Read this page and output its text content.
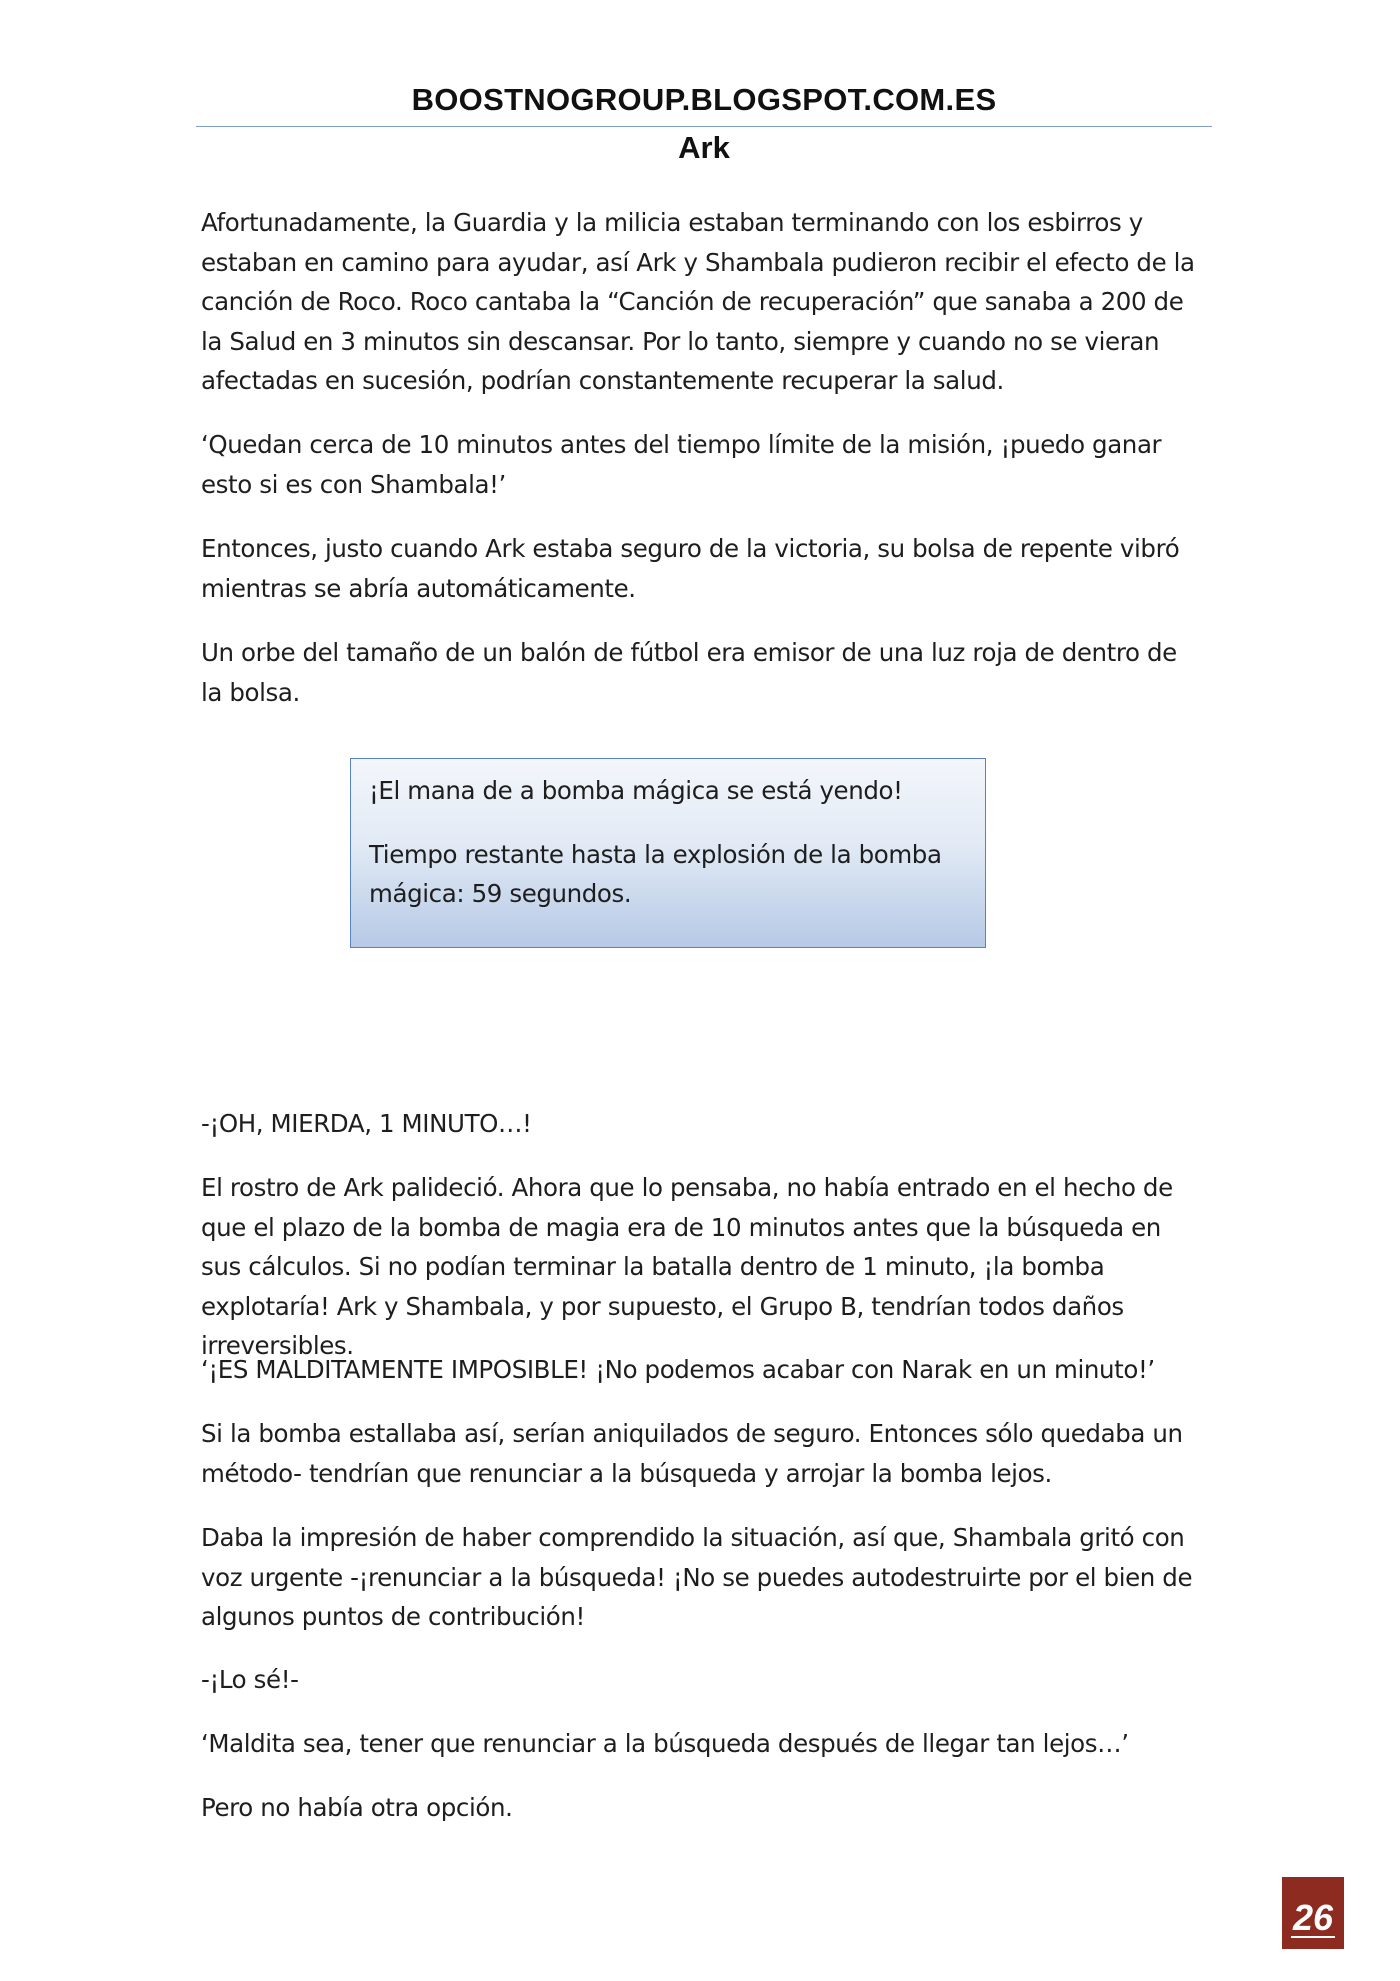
BOOSTNOGROUP.BLOGSPOT.COM.ES

Ark

Afortunadamente, la Guardia y la milicia estaban terminando con los esbirros y estaban en camino para ayudar, así Ark y Shambala pudieron recibir el efecto de la canción de Roco. Roco cantaba la “Canción de recuperación” que sanaba a 200 de la Salud en 3 minutos sin descansar. Por lo tanto, siempre y cuando no se vieran afectadas en sucesión, podrían constantemente recuperar la salud.

‘Quedan cerca de 10 minutos antes del tiempo límite de la misión, ¡puedo ganar esto si es con Shambala!’

Entonces, justo cuando Ark estaba seguro de la victoria, su bolsa de repente vibró mientras se abría automáticamente.

Un orbe del tamaño de un balón de fútbol era emisor de una luz roja de dentro de la bolsa.

¡El mana de a bomba mágica se está yendo!

Tiempo restante hasta la explosión de la bomba mágica: 59 segundos.

-¡OH, MIERDA, 1 MINUTO…!

El rostro de Ark palideció. Ahora que lo pensaba, no había entrado en el hecho de que el plazo de la bomba de magia era de 10 minutos antes que la búsqueda en sus cálculos. Si no podían terminar la batalla dentro de 1 minuto, ¡la bomba explotaría! Ark y Shambala, y por supuesto, el Grupo B, tendrían todos daños irreversibles.

‘¡ES MALDITAMENTE IMPOSIBLE! ¡No podemos acabar con Narak en un minuto!’

Si la bomba estallaba así, serían aniquilados de seguro. Entonces sólo quedaba un método- tendrían que renunciar a la búsqueda y arrojar la bomba lejos.

Daba la impresión de haber comprendido la situación, así que, Shambala gritó con voz urgente -¡renunciar a la búsqueda! ¡No se puedes autodestruirte por el bien de algunos puntos de contribución!

-¡Lo sé!-

‘Maldita sea, tener que renunciar a la búsqueda después de llegar tan lejos…’

Pero no había otra opción.

26
